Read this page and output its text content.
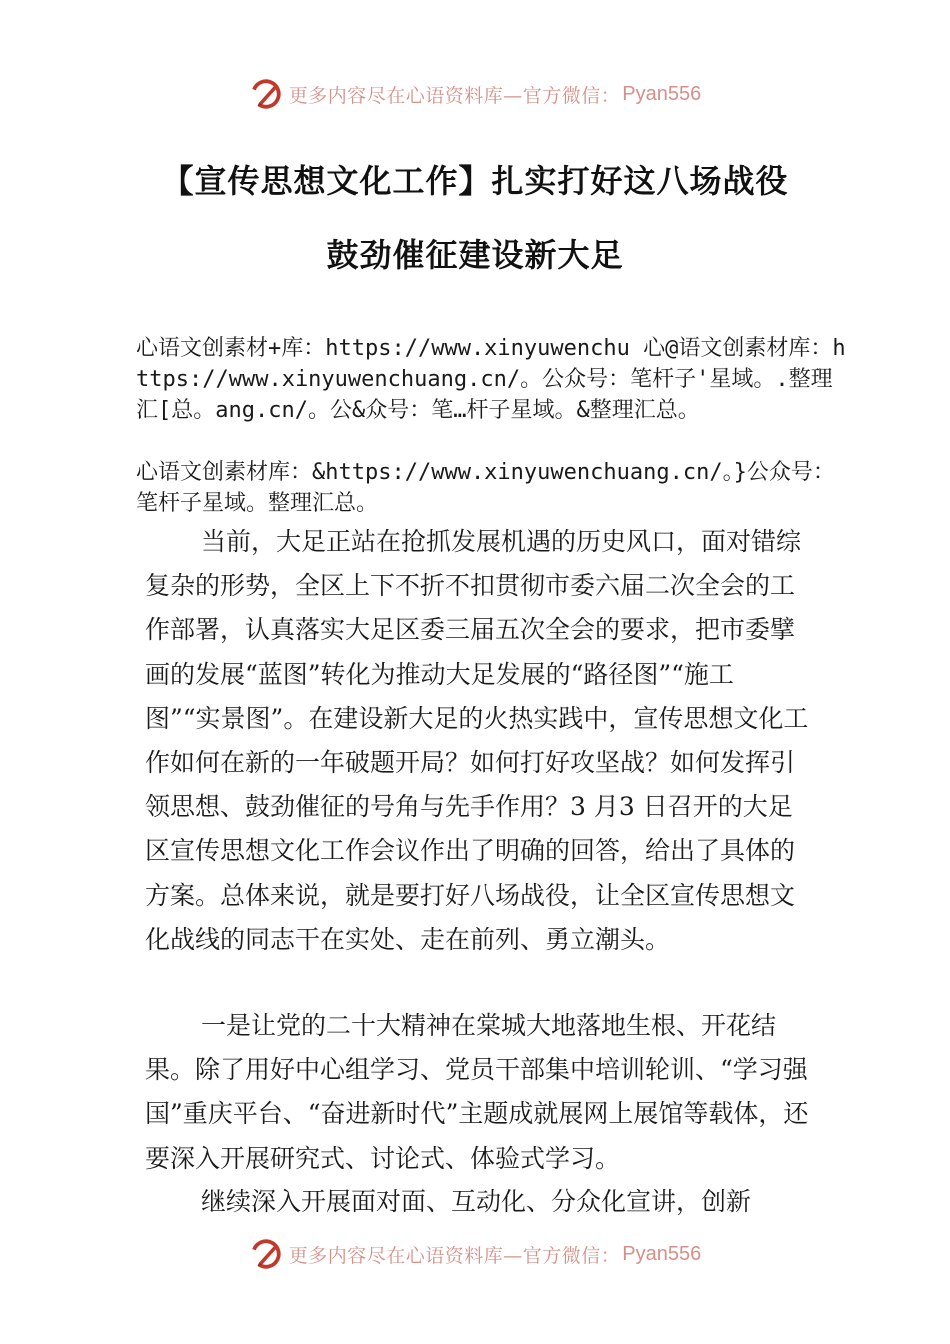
更多内容尽在心语资料库—官方微信： Pyan556
【宣传思想文化工作】扎实打好这八场战役
鼓劲催征建设新大足
心语文创素材+库：https://www.xinyuwenchu 心@语文创素材库：https://www.xinyuwenchuang.cn/。公众号：笔杆子'星域。.整理汇[总。ang.cn/。公&众号：笔…杆子星域。&整理汇总。
心语文创素材库：&https://www.xinyuwenchuang.cn/。}公众号：笔杆子星域。整理汇总。

当前，大足正站在抢抓发展机遇的历史风口，面对错综复杂的形势，全区上下不折不扣贯彻市委六届二次全会的工作部署，认真落实大足区委三届五次全会的要求，把市委擘画的发展“蓝图”转化为推动大足发展的“路径图”“施工图”“实景图”。在建设新大足的火热实践中，宣传思想文化工作如何在新的一年破题开局？如何打好攻坚战？如何发挥引领思想、鼓劲催征的号角与先手作用？3 月3 日召开的大足区宣传思想文化工作会议作出了明确的回答，给出了具体的方案。总体来说，就是要打好八场战役，让全区宣传思想文化战线的同志干在实处、走在前列、勇立潮头。

一是让党的二十大精神在棠城大地落地生根、开花结果。除了用好中心组学习、党员干部集中培训轮训、“学习强国”重庆平台、“奋进新时代”主题成就展网上展馆等载体，还要深入开展研究式、讨论式、体验式学习。

继续深入开展面对面、互动化、分众化宣讲，创新

更多内容尽在心语资料库—官方微信： Pyan556
